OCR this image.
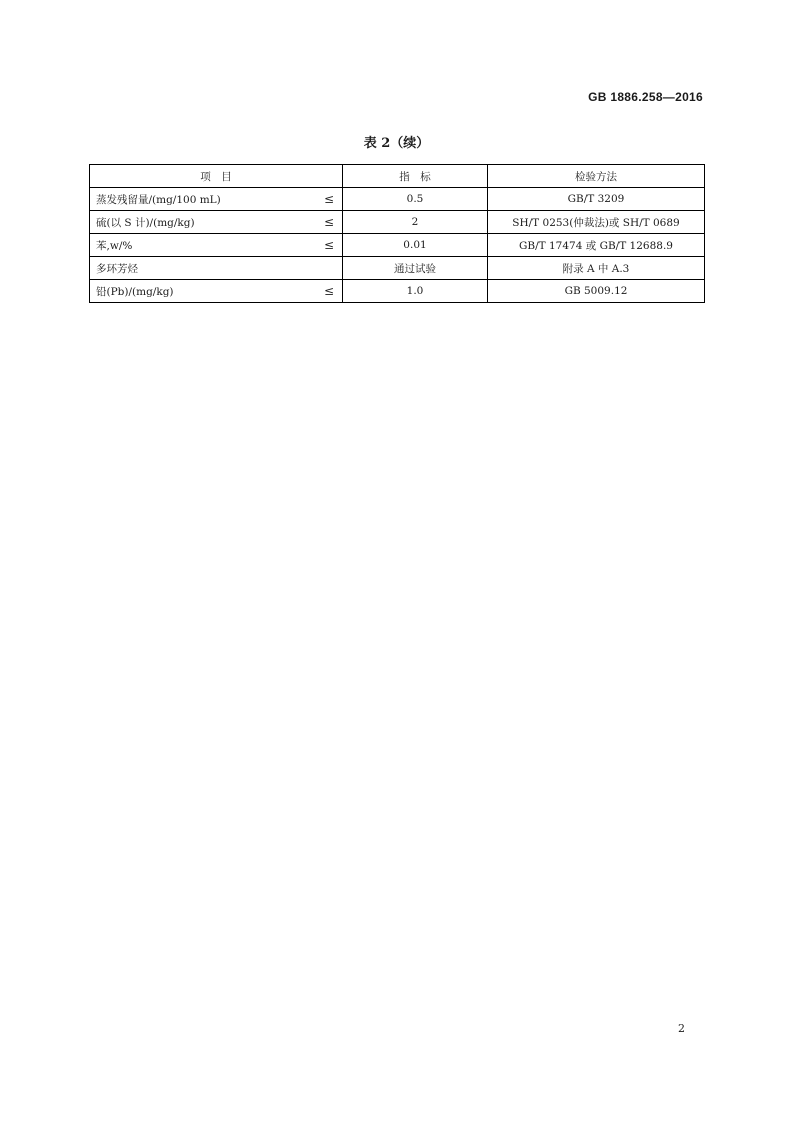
GB 1886.258—2016
表 2（续）
项　目	指　标	检验方法
蒸发残留量/(mg/100 mL) ≤	0.5	GB/T 3209
硫(以 S 计)/(mg/kg) ≤	2	SH/T 0253(仲裁法)或 SH/T 0689
苯,w/% ≤	0.01	GB/T 17474 或 GB/T 12688.9
多环芳烃	通过试验	附录 A 中 A.3
铅(Pb)/(mg/kg) ≤	1.0	GB 5009.12
2
